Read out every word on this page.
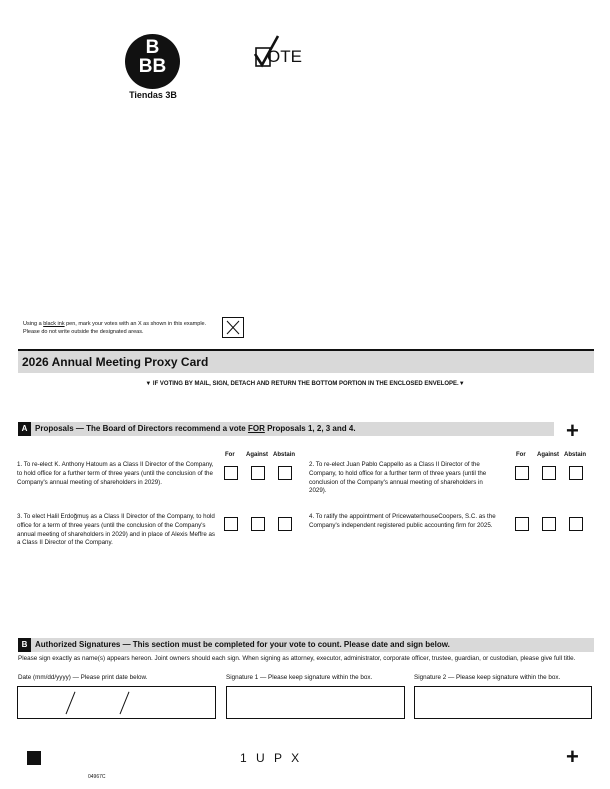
B
BB
Tiendas 3B
OTE
Using a black ink pen, mark your votes with an X as shown in this example.
Please do not write outside the designated areas.
2026 Annual Meeting Proxy Card
▼ IF VOTING BY MAIL, SIGN, DETACH AND RETURN THE BOTTOM PORTION IN THE ENCLOSED ENVELOPE.▼
A Proposals — The Board of Directors recommend a vote FOR Proposals 1, 2, 3 and 4.	+
For Against Abstain	For Against Abstain
1. To re-elect K. Anthony Hatoum as a Class II Director of the Company, to hold office for a further term of three years (until the conclusion of the Company's annual meeting of shareholders in 2029).
2. To re-elect Juan Pablo Cappello as a Class II Director of the Company, to hold office for a further term of three years (until the conclusion of the Company's annual meeting of shareholders in 2029).
3. To elect Halil Erdoğmuş as a Class II Director of the Company, to hold office for a term of three years (until the conclusion of the Company's annual meeting of shareholders in 2029) and in place of Alexis Meffre as a Class II Director of the Company.
4. To ratify the appointment of PricewaterhouseCoopers, S.C. as the Company's independent registered public accounting firm for 2025.
B Authorized Signatures — This section must be completed for your vote to count. Please date and sign below.
Please sign exactly as name(s) appears hereon. Joint owners should each sign. When signing as attorney, executor, administrator, corporate officer, trustee, guardian, or custodian, please give full title.
Date (mm/dd/yyyy) — Please print date below.	Signature 1 — Please keep signature within the box.	Signature 2 — Please keep signature within the box.
1 U P X	+
04967C
